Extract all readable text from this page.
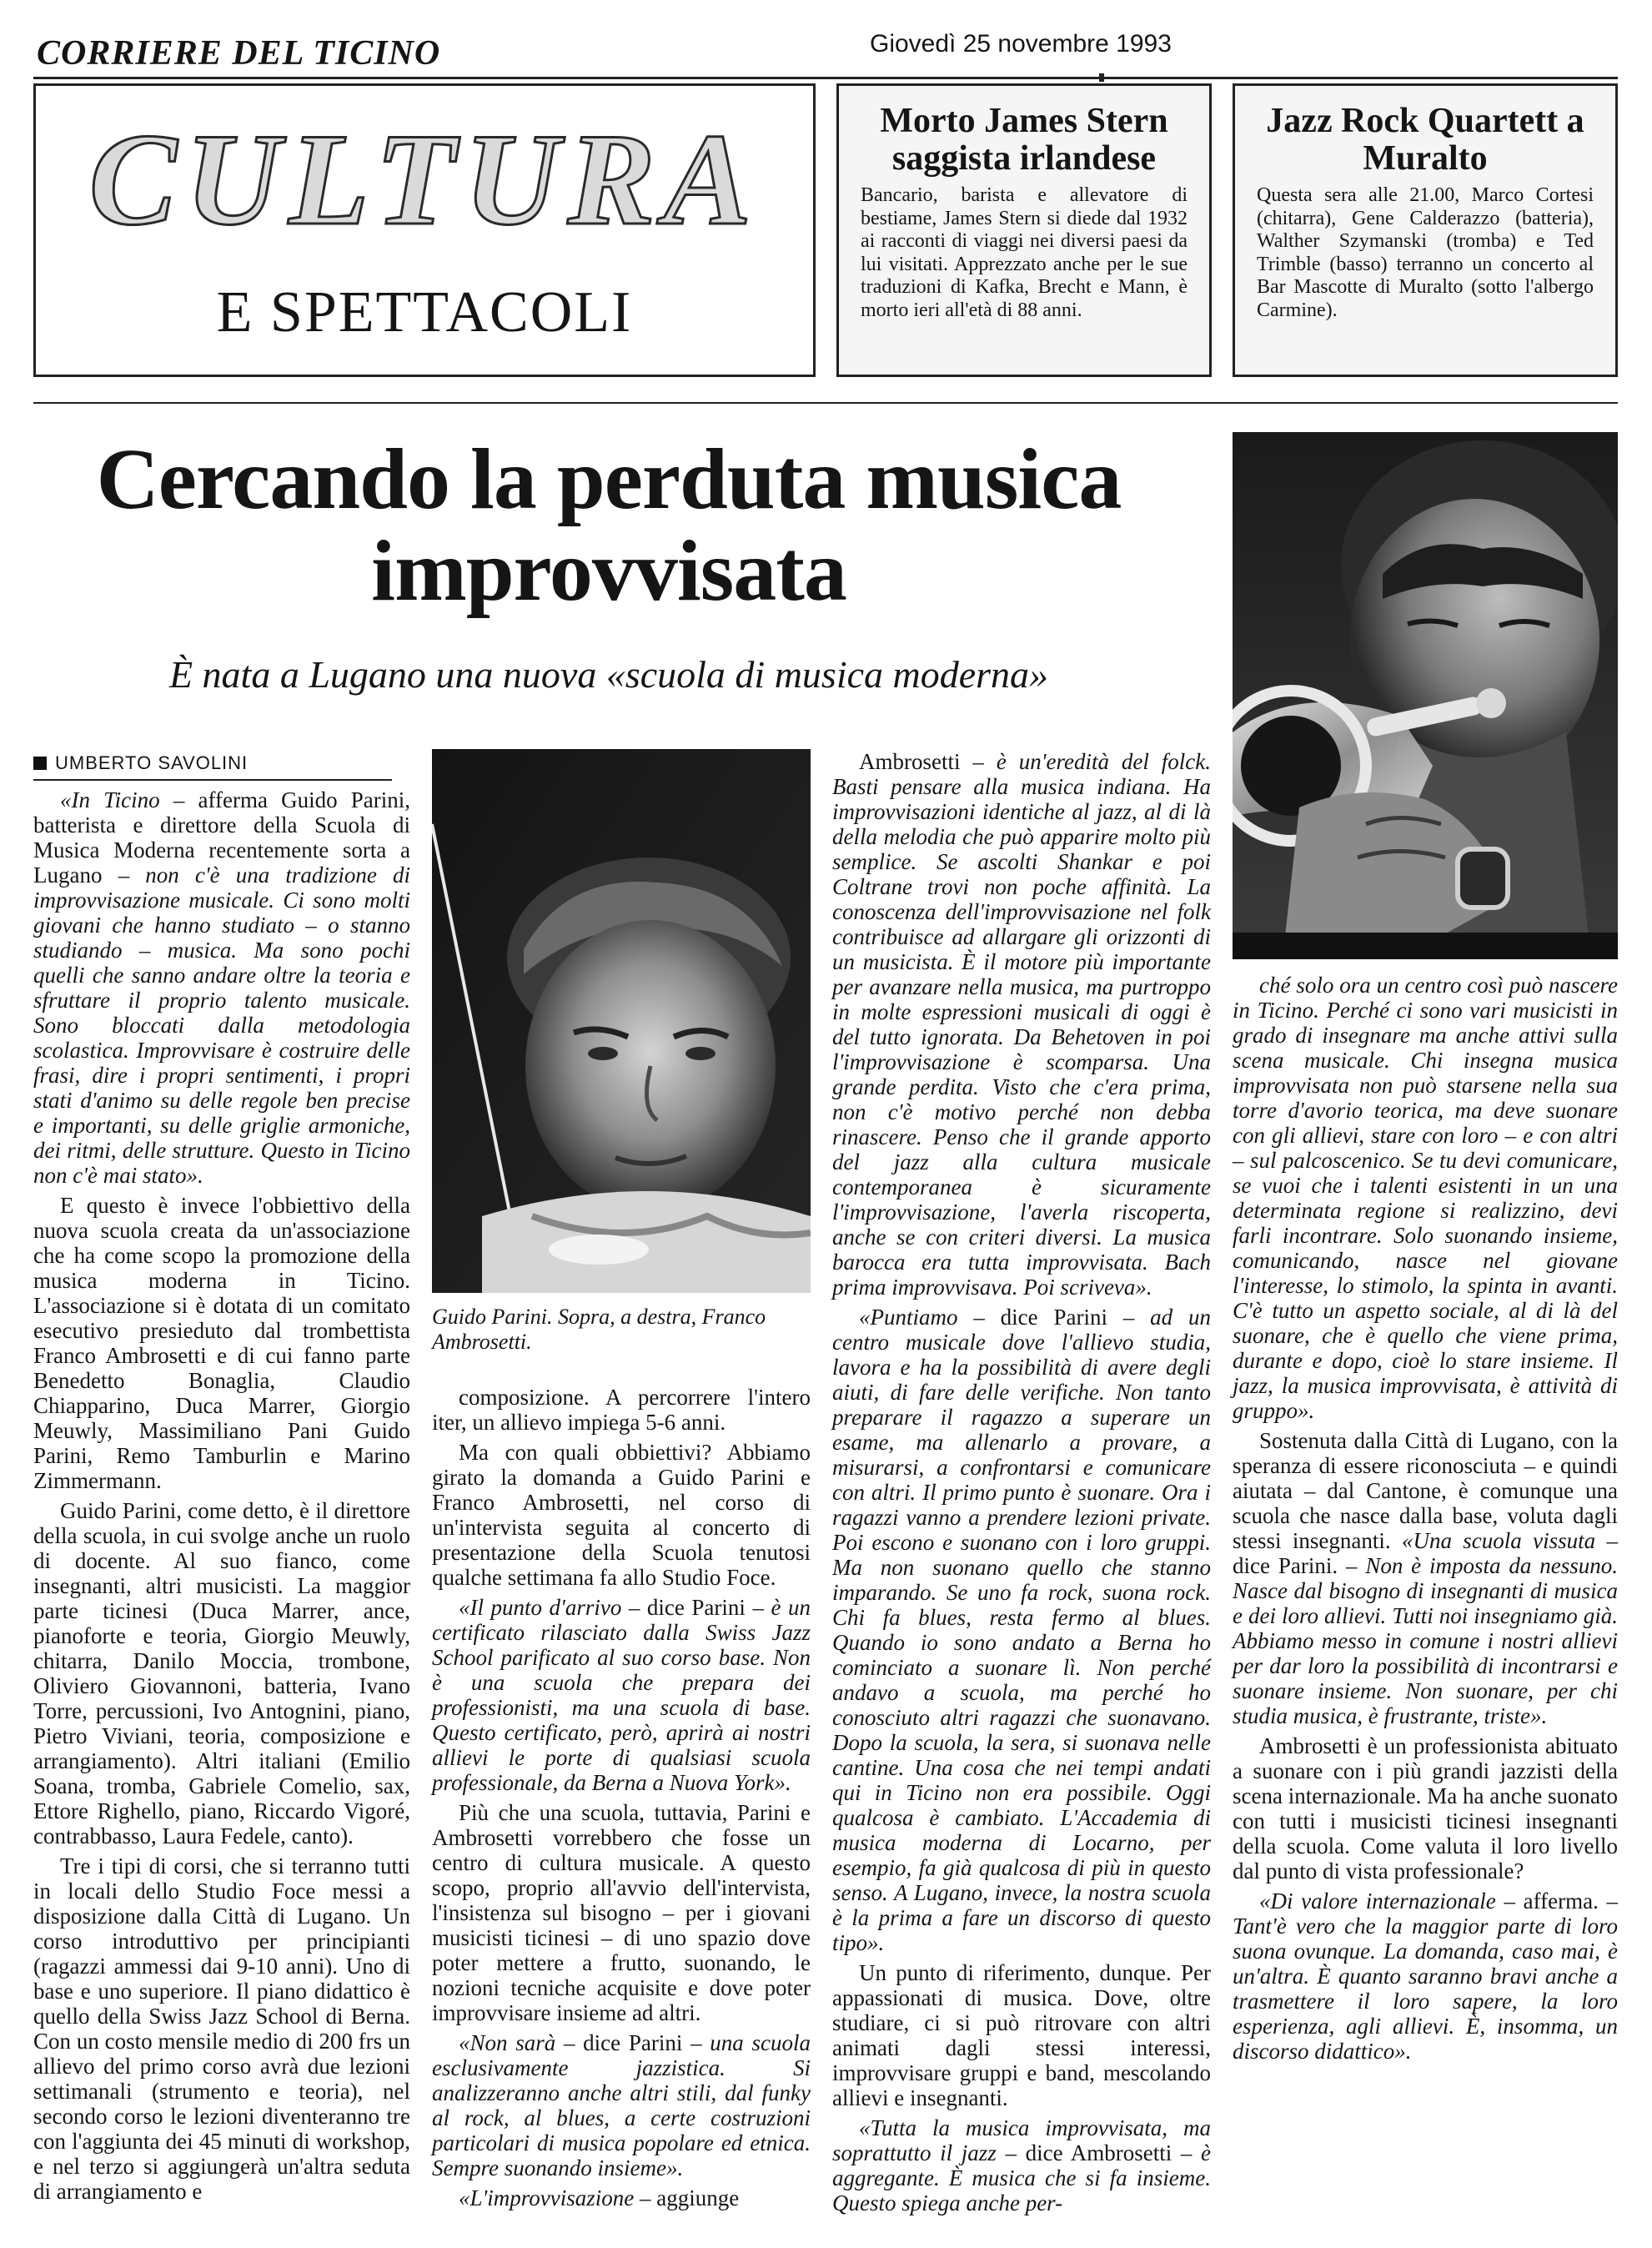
CORRIERE DEL TICINO	Giovedì 25 novembre 1993
CULTURA
E SPETTACOLI
Morto James Stern saggista irlandese
Bancario, barista e allevatore di bestiame, James Stern si diede dal 1932 ai racconti di viaggi nei diversi paesi da lui visitati. Apprezzato anche per le sue traduzioni di Kafka, Brecht e Mann, è morto ieri all'età di 88 anni.
Jazz Rock Quartett a Muralto
Questa sera alle 21.00, Marco Cortesi (chitarra), Gene Calderazzo (batteria), Walther Szymanski (tromba) e Ted Trimble (basso) terranno un concerto al Bar Mascotte di Muralto (sotto l'albergo Carmine).
Cercando la perduta musica improvvisata
È nata a Lugano una nuova «scuola di musica moderna»
Guido Parini. Sopra, a destra, Franco Ambrosetti.
UMBERTO SAVOLINI

«In Ticino – afferma Guido Parini, batterista e direttore della Scuola di Musica Moderna recentemente sorta a Lugano – non c'è una tradizione di improvvisazione musicale. Ci sono molti giovani che hanno studiato – o stanno studiando – musica. Ma sono pochi quelli che sanno andare oltre la teoria e sfruttare il proprio talento musicale. Sono bloccati dalla metodologia scolastica. Improvvisare è costruire delle frasi, dire i propri sentimenti, i propri stati d'animo su delle regole ben precise e importanti, su delle griglie armoniche, dei ritmi, delle strutture. Questo in Ticino non c'è mai stato».

E questo è invece l'obbiettivo della nuova scuola creata da un'associazione che ha come scopo la promozione della musica moderna in Ticino. L'associazione si è dotata di un comitato esecutivo presieduto dal trombettista Franco Ambrosetti e di cui fanno parte Benedetto Bonaglia, Claudio Chiapparino, Duca Marrer, Giorgio Meuwly, Massimiliano Pani Guido Parini, Remo Tamburlin e Marino Zimmermann.

Guido Parini, come detto, è il direttore della scuola, in cui svolge anche un ruolo di docente. Al suo fianco, come insegnanti, altri musicisti. La maggior parte ticinesi (Duca Marrer, ance, pianoforte e teoria, Giorgio Meuwly, chitarra, Danilo Moccia, trombone, Oliviero Giovannoni, batteria, Ivano Torre, percussioni, Ivo Antognini, piano, Pietro Viviani, teoria, composizione e arrangiamento). Altri italiani (Emilio Soana, tromba, Gabriele Comelio, sax, Ettore Righello, piano, Riccardo Vigoré, contrabbasso, Laura Fedele, canto).

Tre i tipi di corsi, che si terranno tutti in locali dello Studio Foce messi a disposizione dalla Città di Lugano. Un corso introduttivo per principianti (ragazzi ammessi dai 9-10 anni). Uno di base e uno superiore. Il piano didattico è quello della Swiss Jazz School di Berna. Con un costo mensile medio di 200 frs un allievo del primo corso avrà due lezioni settimanali (strumento e teoria), nel secondo corso le lezioni diventeranno tre con l'aggiunta dei 45 minuti di workshop, e nel terzo si aggiungerà un'altra seduta di arrangiamento e

composizione. A percorrere l'intero iter, un allievo impiega 5-6 anni.

Ma con quali obbiettivi? Abbiamo girato la domanda a Guido Parini e Franco Ambrosetti, nel corso di un'intervista seguita al concerto di presentazione della Scuola tenutosi qualche settimana fa allo Studio Foce.

«Il punto d'arrivo – dice Parini – è un certificato rilasciato dalla Swiss Jazz School parificato al suo corso base. Non è una scuola che prepara dei professionisti, ma una scuola di base. Questo certificato, però, aprirà ai nostri allievi le porte di qualsiasi scuola professionale, da Berna a Nuova York».

Più che una scuola, tuttavia, Parini e Ambrosetti vorrebbero che fosse un centro di cultura musicale. A questo scopo, proprio all'avvio dell'intervista, l'insistenza sul bisogno – per i giovani musicisti ticinesi – di uno spazio dove poter mettere a frutto, suonando, le nozioni tecniche acquisite e dove poter improvvisare insieme ad altri.

«Non sarà – dice Parini – una scuola esclusivamente jazzistica. Si analizzeranno anche altri stili, dal funky al rock, al blues, a certe costruzioni particolari di musica popolare ed etnica. Sempre suonando insieme».

«L'improvvisazione – aggiunge

Ambrosetti – è un'eredità del folck. Basti pensare alla musica indiana. Ha improvvisazioni identiche al jazz, al di là della melodia che può apparire molto più semplice. Se ascolti Shankar e poi Coltrane trovi non poche affinità. La conoscenza dell'improvvisazione nel folk contribuisce ad allargare gli orizzonti di un musicista. È il motore più importante per avanzare nella musica, ma purtroppo in molte espressioni musicali di oggi è del tutto ignorata. Da Behetoven in poi l'improvvisazione è scomparsa. Una grande perdita. Visto che c'era prima, non c'è motivo perché non debba rinascere. Penso che il grande apporto del jazz alla cultura musicale contemporanea è sicuramente l'improvvisazione, l'averla riscoperta, anche se con criteri diversi. La musica barocca era tutta improvvisata. Bach prima improvvisava. Poi scriveva».

«Puntiamo – dice Parini – ad un centro musicale dove l'allievo studia, lavora e ha la possibilità di avere degli aiuti, di fare delle verifiche. Non tanto preparare il ragazzo a superare un esame, ma allenarlo a provare, a misurarsi, a confrontarsi e comunicare con altri. Il primo punto è suonare. Ora i ragazzi vanno a prendere lezioni private. Poi escono e suonano con i loro gruppi. Ma non suonano quello che stanno imparando. Se uno fa rock, suona rock. Chi fa blues, resta fermo al blues. Quando io sono andato a Berna ho cominciato a suonare lì. Non perché andavo a scuola, ma perché ho conosciuto altri ragazzi che suonavano. Dopo la scuola, la sera, si suonava nelle cantine. Una cosa che nei tempi andati qui in Ticino non era possibile. Oggi qualcosa è cambiato. L'Accademia di musica moderna di Locarno, per esempio, fa già qualcosa di più in questo senso. A Lugano, invece, la nostra scuola è la prima a fare un discorso di questo tipo».

Un punto di riferimento, dunque. Per appassionati di musica. Dove, oltre studiare, ci si può ritrovare con altri animati dagli stessi interessi, improvvisare gruppi e band, mescolando allievi e insegnanti.

«Tutta la musica improvvisata, ma soprattutto il jazz – dice Ambrosetti – è aggregante. È musica che si fa insieme. Questo spiega anche per-

ché solo ora un centro così può nascere in Ticino. Perché ci sono vari musicisti in grado di insegnare ma anche attivi sulla scena musicale. Chi insegna musica improvvisata non può starsene nella sua torre d'avorio teorica, ma deve suonare con gli allievi, stare con loro – e con altri – sul palcoscenico. Se tu devi comunicare, se vuoi che i talenti esistenti in un una determinata regione si realizzino, devi farli incontrare. Solo suonando insieme, comunicando, nasce nel giovane l'interesse, lo stimolo, la spinta in avanti. C'è tutto un aspetto sociale, al di là del suonare, che è quello che viene prima, durante e dopo, cioè lo stare insieme. Il jazz, la musica improvvisata, è attività di gruppo».

Sostenuta dalla Città di Lugano, con la speranza di essere riconosciuta – e quindi aiutata – dal Cantone, è comunque una scuola che nasce dalla base, voluta dagli stessi insegnanti. «Una scuola vissuta – dice Parini. – Non è imposta da nessuno. Nasce dal bisogno di insegnanti di musica e dei loro allievi. Tutti noi insegniamo già. Abbiamo messo in comune i nostri allievi per dar loro la possibilità di incontrarsi e suonare insieme. Non suonare, per chi studia musica, è frustrante, triste».

Ambrosetti è un professionista abituato a suonare con i più grandi jazzisti della scena internazionale. Ma ha anche suonato con tutti i musicisti ticinesi insegnanti della scuola. Come valuta il loro livello dal punto di vista professionale?

«Di valore internazionale – afferma. – Tant'è vero che la maggior parte di loro suona ovunque. La domanda, caso mai, è un'altra. È quanto saranno bravi anche a trasmettere il loro sapere, la loro esperienza, agli allievi. È, insomma, un discorso didattico».
